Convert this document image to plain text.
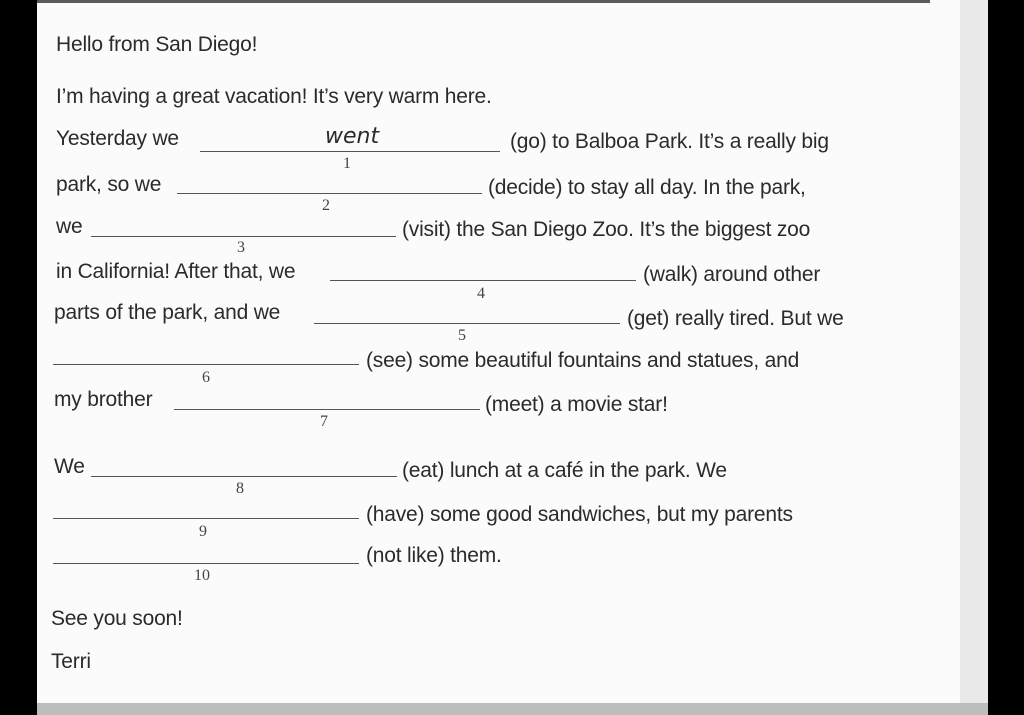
Hello from San Diego!
I’m having a great vacation! It’s very warm here.
Yesterday we	went
1
(go) to Balboa Park. It’s a really big
park, so we
2
(decide) to stay all day. In the park,
we
3
(visit) the San Diego Zoo. It’s the biggest zoo
in California! After that, we
4
(walk) around other
parts of the park, and we
5
(get) really tired. But we
6
(see) some beautiful fountains and statues, and
my brother
7
(meet) a movie star!
We
8
(eat) lunch at a café in the park. We
9
(have) some good sandwiches, but my parents
10
(not like) them.
See you soon!
Terri
